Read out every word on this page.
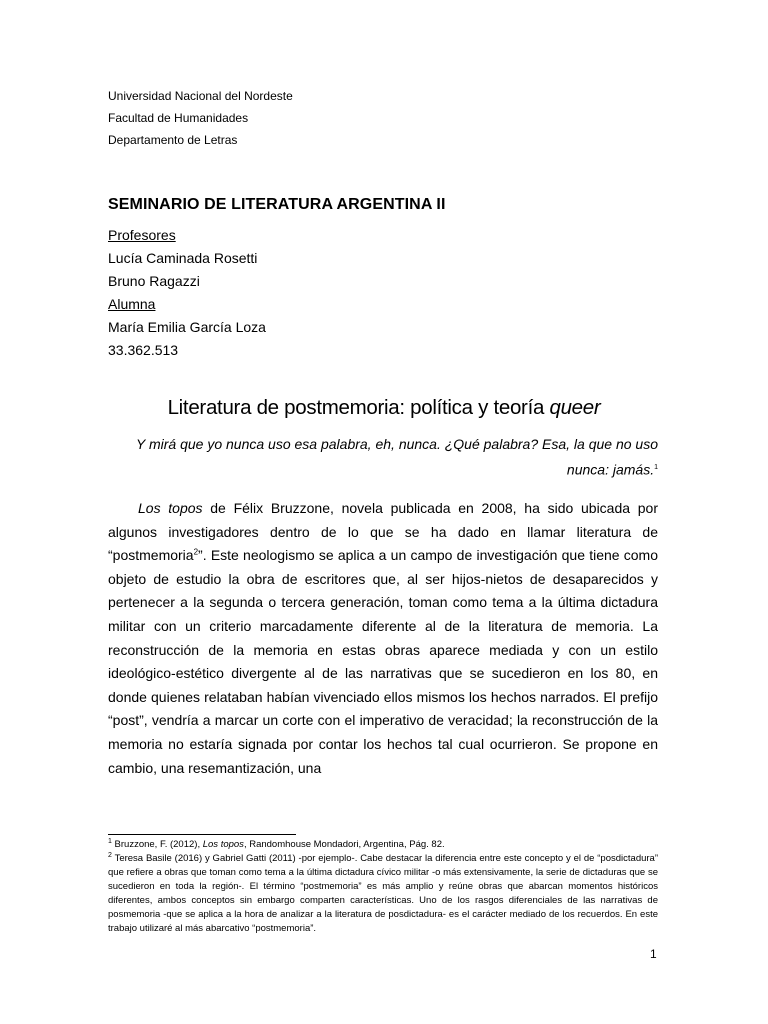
Universidad Nacional del Nordeste
Facultad de Humanidades
Departamento de Letras
SEMINARIO DE LITERATURA ARGENTINA II
Profesores
Lucía Caminada Rosetti
Bruno Ragazzi
Alumna
María Emilia García Loza
33.362.513
Literatura de postmemoria: política y teoría queer
Y mirá que yo nunca uso esa palabra, eh, nunca. ¿Qué palabra? Esa, la que no uso
nunca: jamás.$^1$
Los topos de Félix Bruzzone, novela publicada en 2008, ha sido ubicada por algunos investigadores dentro de lo que se ha dado en llamar literatura de “postmemoria$^2$”. Este neologismo se aplica a un campo de investigación que tiene como objeto de estudio la obra de escritores que, al ser hijos-nietos de desaparecidos y pertenecer a la segunda o tercera generación, toman como tema a la última dictadura militar con un criterio marcadamente diferente al de la literatura de memoria. La reconstrucción de la memoria en estas obras aparece mediada y con un estilo ideológico-estético divergente al de las narrativas que se sucedieron en los 80, en donde quienes relataban habían vivenciado ellos mismos los hechos narrados. El prefijo “post”, vendría a marcar un corte con el imperativo de veracidad; la reconstrucción de la memoria no estaría signada por contar los hechos tal cual ocurrieron. Se propone en cambio, una resemantización, una
$^1$ Bruzzone, F. (2012), Los topos, Randomhouse Mondadori, Argentina, Pág. 82.
$^2$ Teresa Basile (2016) y Gabriel Gatti (2011) -por ejemplo-. Cabe destacar la diferencia entre este concepto y el de “posdictadura” que refiere a obras que toman como tema a la última dictadura cívico militar -o más extensivamente, la serie de dictaduras que se sucedieron en toda la región-. El término “postmemoria” es más amplio y reúne obras que abarcan momentos históricos diferentes, ambos conceptos sin embargo comparten características. Uno de los rasgos diferenciales de las narrativas de posmemoria -que se aplica a la hora de analizar a la literatura de posdictadura- es el carácter mediado de los recuerdos. En este trabajo utilizaré al más abarcativo “postmemoria”.
1
